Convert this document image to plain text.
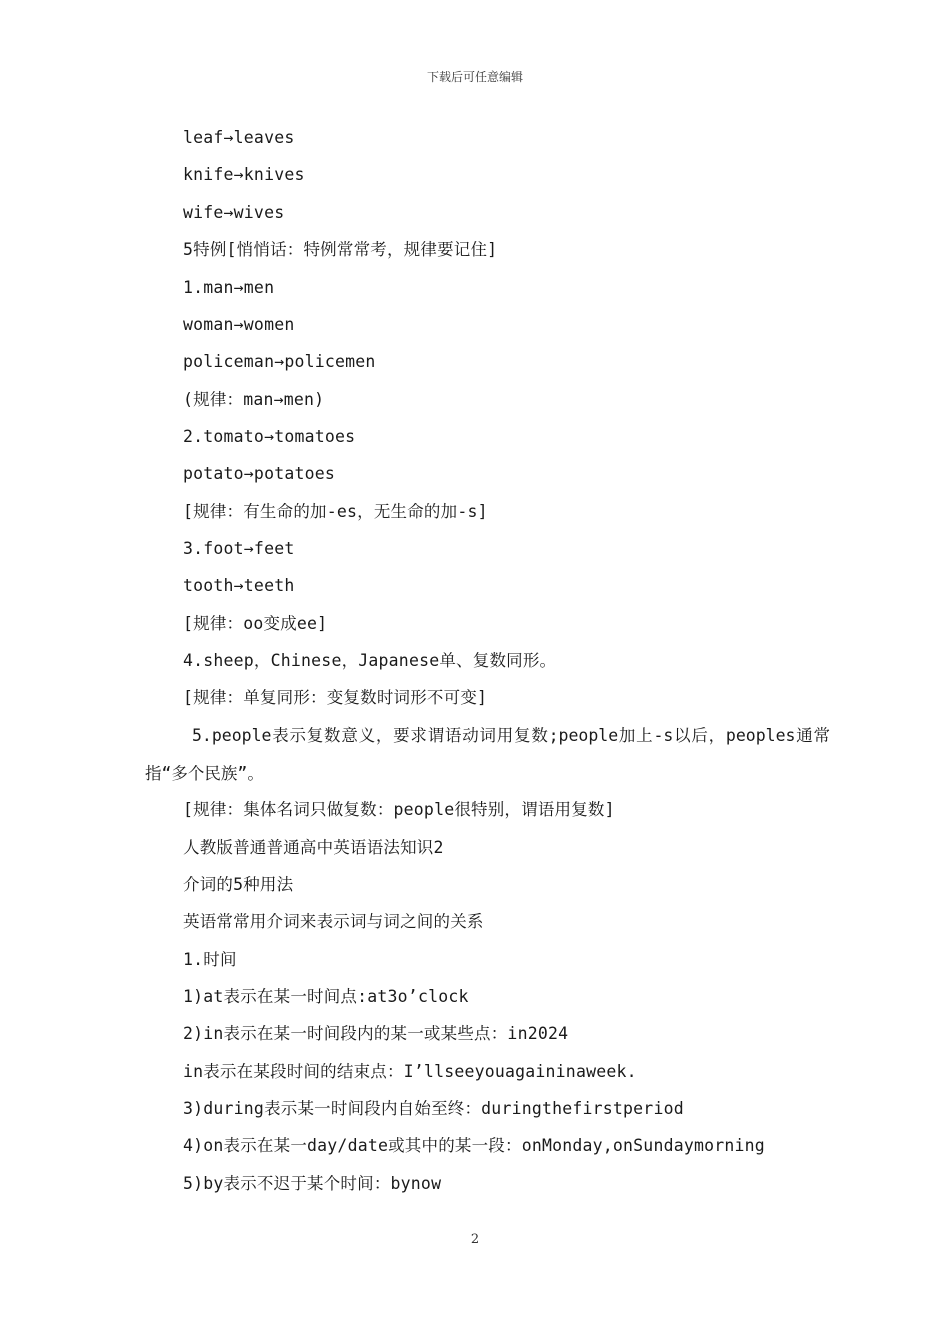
下载后可任意编辑
leaf→leaves
knife→knives
wife→wives
5特例[悄悄话：特例常常考，规律要记住]
1.man→men
woman→women
policeman→policemen
(规律：man→men)
2.tomato→tomatoes
potato→potatoes
[规律：有生命的加-es，无生命的加-s]
3.foot→feet
tooth→teeth
[规律：oo变成ee]
4.sheep，Chinese，Japanese单、复数同形。
[规律：单复同形：变复数时词形不可变]
5.people表示复数意义，要求谓语动词用复数;people加上-s以后，peoples通常指“多个民族”。
[规律：集体名词只做复数：people很特别，谓语用复数]
人教版普通普通高中英语语法知识2
介词的5种用法
英语常常用介词来表示词与词之间的关系
1.时间
1)at表示在某一时间点:at3o’clock
2)in表示在某一时间段内的某一或某些点：in2024
in表示在某段时间的结束点：I’llseeyouagaininaweek.
3)during表示某一时间段内自始至终：duringthefirstperiod
4)on表示在某一day/date或其中的某一段：onMonday,onSundaymorning
5)by表示不迟于某个时间：bynow
2
